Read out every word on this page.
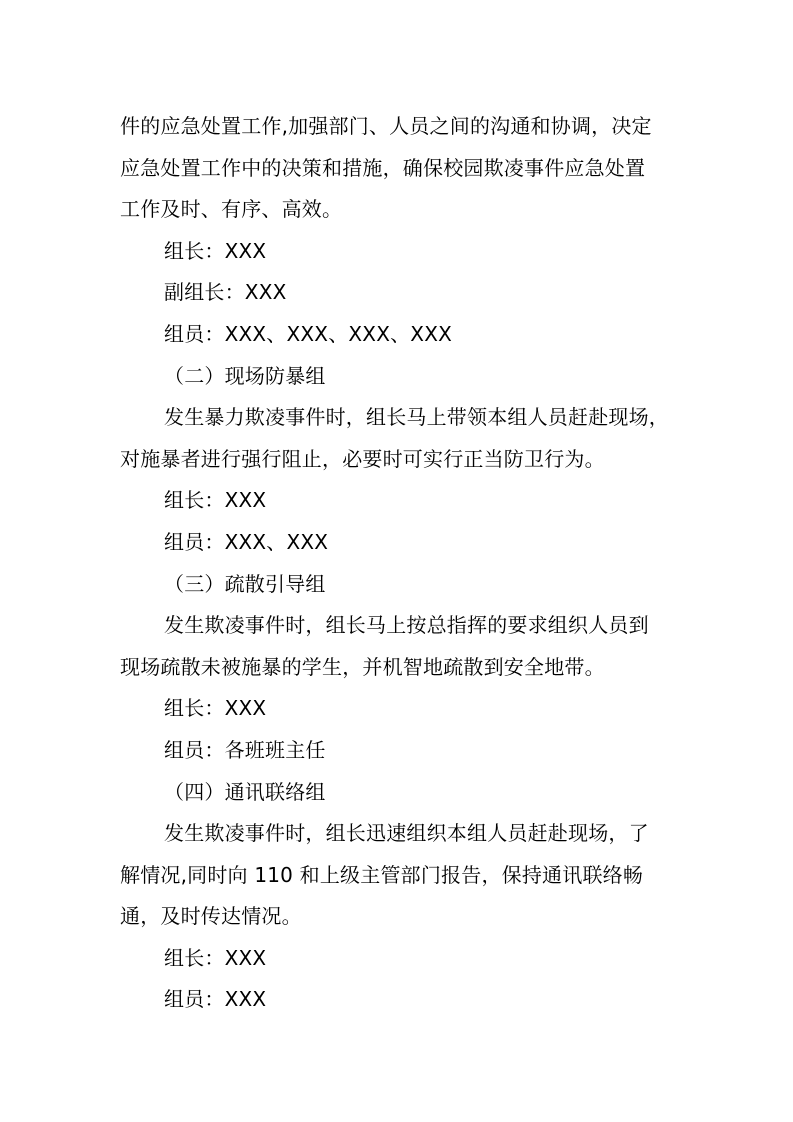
件的应急处置工作,加强部门、人员之间的沟通和协调，决定
应急处置工作中的决策和措施，确保校园欺凌事件应急处置
工作及时、有序、高效。
组长：XXX
副组长：XXX
组员：XXX、XXX、XXX、XXX
（二）现场防暴组
发生暴力欺凌事件时，组长马上带领本组人员赶赴现场，
对施暴者进行强行阻止，必要时可实行正当防卫行为。
组长：XXX
组员：XXX、XXX
（三）疏散引导组
发生欺凌事件时，组长马上按总指挥的要求组织人员到
现场疏散未被施暴的学生，并机智地疏散到安全地带。
组长：XXX
组员：各班班主任
（四）通讯联络组
发生欺凌事件时，组长迅速组织本组人员赶赴现场，了
解情况,同时向 110 和上级主管部门报告，保持通讯联络畅
通，及时传达情况。
组长：XXX
组员：XXX
